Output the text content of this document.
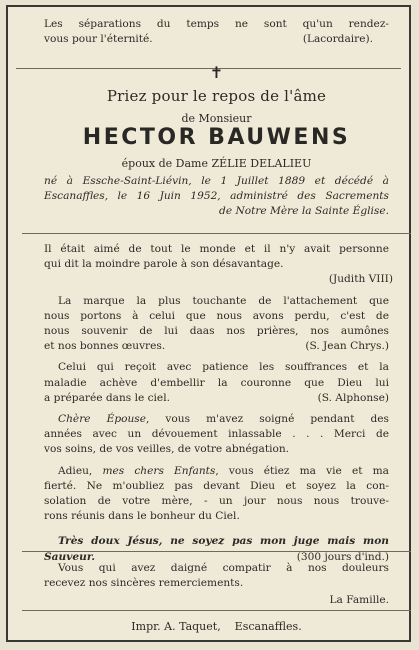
Les séparations du temps ne sont qu'un rendez-
vous pour l'éternité.	(Lacordaire).
✝
Priez pour le repos de l'âme
de Monsieur
HECTOR BAUWENS
époux de Dame ZÉLIE DELALIEU
né à Essche-Saint-Liévin, le 1 Juillet 1889 et décédé à
Escanaffles, le 16 Juin 1952, administré des Sacrements
de Notre Mère la Sainte Église.
Il était aimé de tout le monde et il n'y avait personne
qui dit la moindre parole à son désavantage.
(Judith VIII)
La marque la plus touchante de l'attachement que
nous portons à celui que nous avons perdu, c'est de
nous souvenir de lui daas nos prières, nos aumônes
et nos bonnes œuvres.	(S. Jean Chrys.)
Celui qui reçoit avec patience les souffrances et la
maladie achève d'embellir la couronne que Dieu lui
a préparée dans le ciel.	(S. Alphonse)
Chère Épouse, vous m'avez soigné pendant des
années avec un dévouement inlassable . . . Merci de
vos soins, de vos veilles, de votre abnégation.
Adieu, mes chers Enfants, vous étiez ma vie et ma
fierté. Ne m'oubliez pas devant Dieu et soyez la con-
solation de votre mère, - un jour nous nous trouve-
rons réunis dans le bonheur du Ciel.
Très doux Jésus, ne soyez pas mon juge mais mon
Sauveur.	(300 jours d'ind.)
Vous qui avez daigné compatir à nos douleurs
recevez nos sincères remerciements.
La Famille.
Impr. A. Taquet,    Escanaffles.
